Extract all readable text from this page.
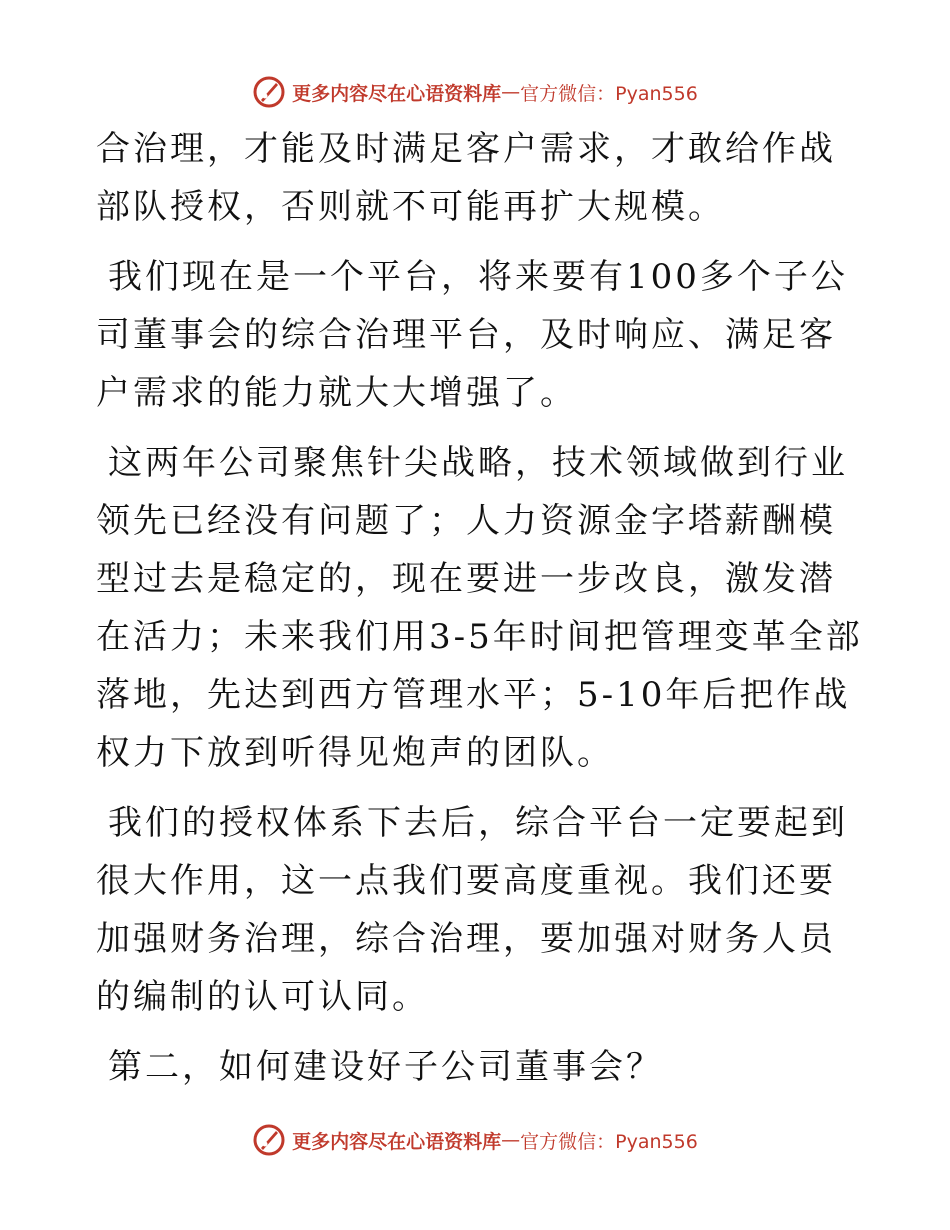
更多内容尽在心语资料库 — 官方微信：Pyan556

合治理，才能及时满足客户需求，才敢给作战部队授权，否则就不可能再扩大规模。

我们现在是一个平台，将来要有100多个子公司董事会的综合治理平台，及时响应、满足客户需求的能力就大大增强了。

这两年公司聚焦针尖战略，技术领域做到行业领先已经没有问题了；人力资源金字塔薪酬模型过去是稳定的，现在要进一步改良，激发潜在活力；未来我们用3-5年时间把管理变革全部落地，先达到西方管理水平；5-10年后把作战权力下放到听得见炮声的团队。

我们的授权体系下去后，综合平台一定要起到很大作用，这一点我们要高度重视。我们还要加强财务治理，综合治理，要加强对财务人员的编制的认可认同。

第二，如何建设好子公司董事会？

更多内容尽在心语资料库 — 官方微信：Pyan556
